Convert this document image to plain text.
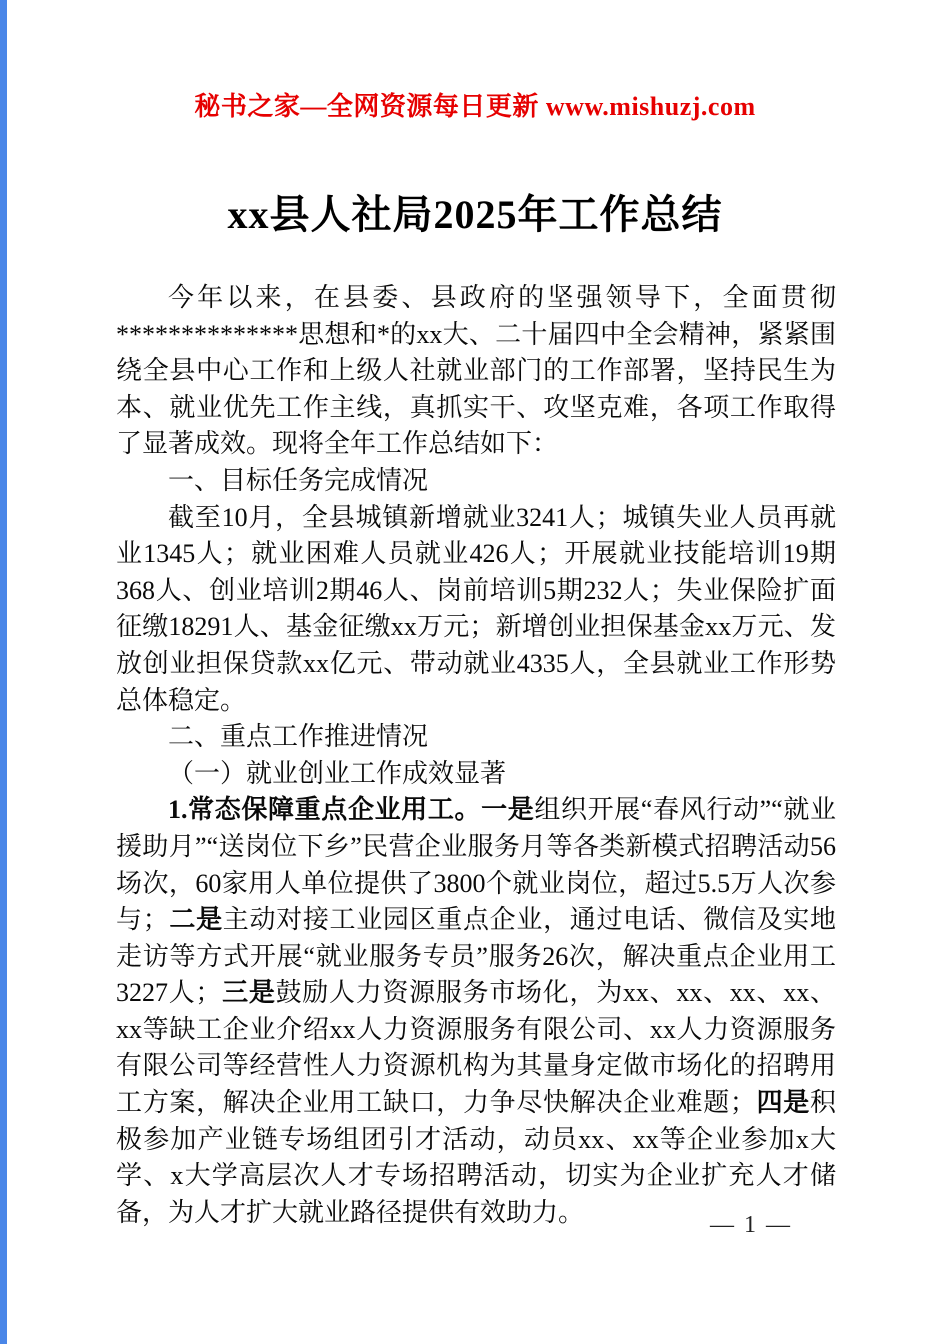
秘书之家—全网资源每日更新 www.mishuzj.com
xx县人社局2025年工作总结

今年以来，在县委、县政府的坚强领导下，全面贯彻**************思想和*的xx大、二十届四中全会精神，紧紧围绕全县中心工作和上级人社就业部门的工作部署，坚持民生为本、就业优先工作主线，真抓实干、攻坚克难，各项工作取得了显著成效。现将全年工作总结如下：

一、目标任务完成情况

截至10月，全县城镇新增就业3241人；城镇失业人员再就业1345人；就业困难人员就业426人；开展就业技能培训19期368人、创业培训2期46人、岗前培训5期232人；失业保险扩面征缴18291人、基金征缴xx万元；新增创业担保基金xx万元、发放创业担保贷款xx亿元、带动就业4335人，全县就业工作形势总体稳定。

二、重点工作推进情况

（一）就业创业工作成效显著

1.常态保障重点企业用工。一是组织开展“春风行动”“就业援助月”“送岗位下乡”民营企业服务月等各类新模式招聘活动56场次，60家用人单位提供了3800个就业岗位，超过5.5万人次参与；二是主动对接工业园区重点企业，通过电话、微信及实地走访等方式开展“就业服务专员”服务26次，解决重点企业用工3227人；三是鼓励人力资源服务市场化，为xx、xx、xx、xx、xx等缺工企业介绍xx人力资源服务有限公司、xx人力资源服务有限公司等经营性人力资源机构为其量身定做市场化的招聘用工方案，解决企业用工缺口，力争尽快解决企业难题；四是积极参加产业链专场组团引才活动，动员xx、xx等企业参加x大学、x大学高层次人才专场招聘活动，切实为企业扩充人才储备，为人才扩大就业路径提供有效助力。	— 1 —
